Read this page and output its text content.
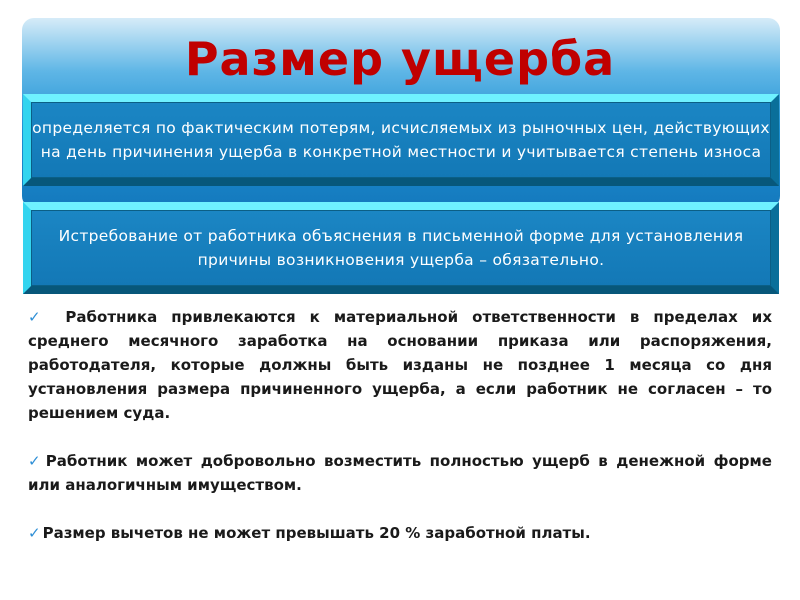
Размер ущерба

определяется по фактическим потерям, исчисляемых из рыночных цен, действующих на день причинения ущерба в конкретной местности и учитывается степень износа

Истребование от работника объяснения в письменной форме для установления причины возникновения ущерба – обязательно.

✓ Работника привлекаются к материальной ответственности в пределах их среднего месячного заработка на основании приказа или распоряжения, работодателя, которые должны быть изданы не позднее 1 месяца со дня установления размера причиненного ущерба, а если работник не согласен – то решением суда.

✓ Работник может добровольно возместить полностью ущерб в денежной форме или аналогичным имуществом.

✓ Размер вычетов не может превышать 20 % заработной платы.
